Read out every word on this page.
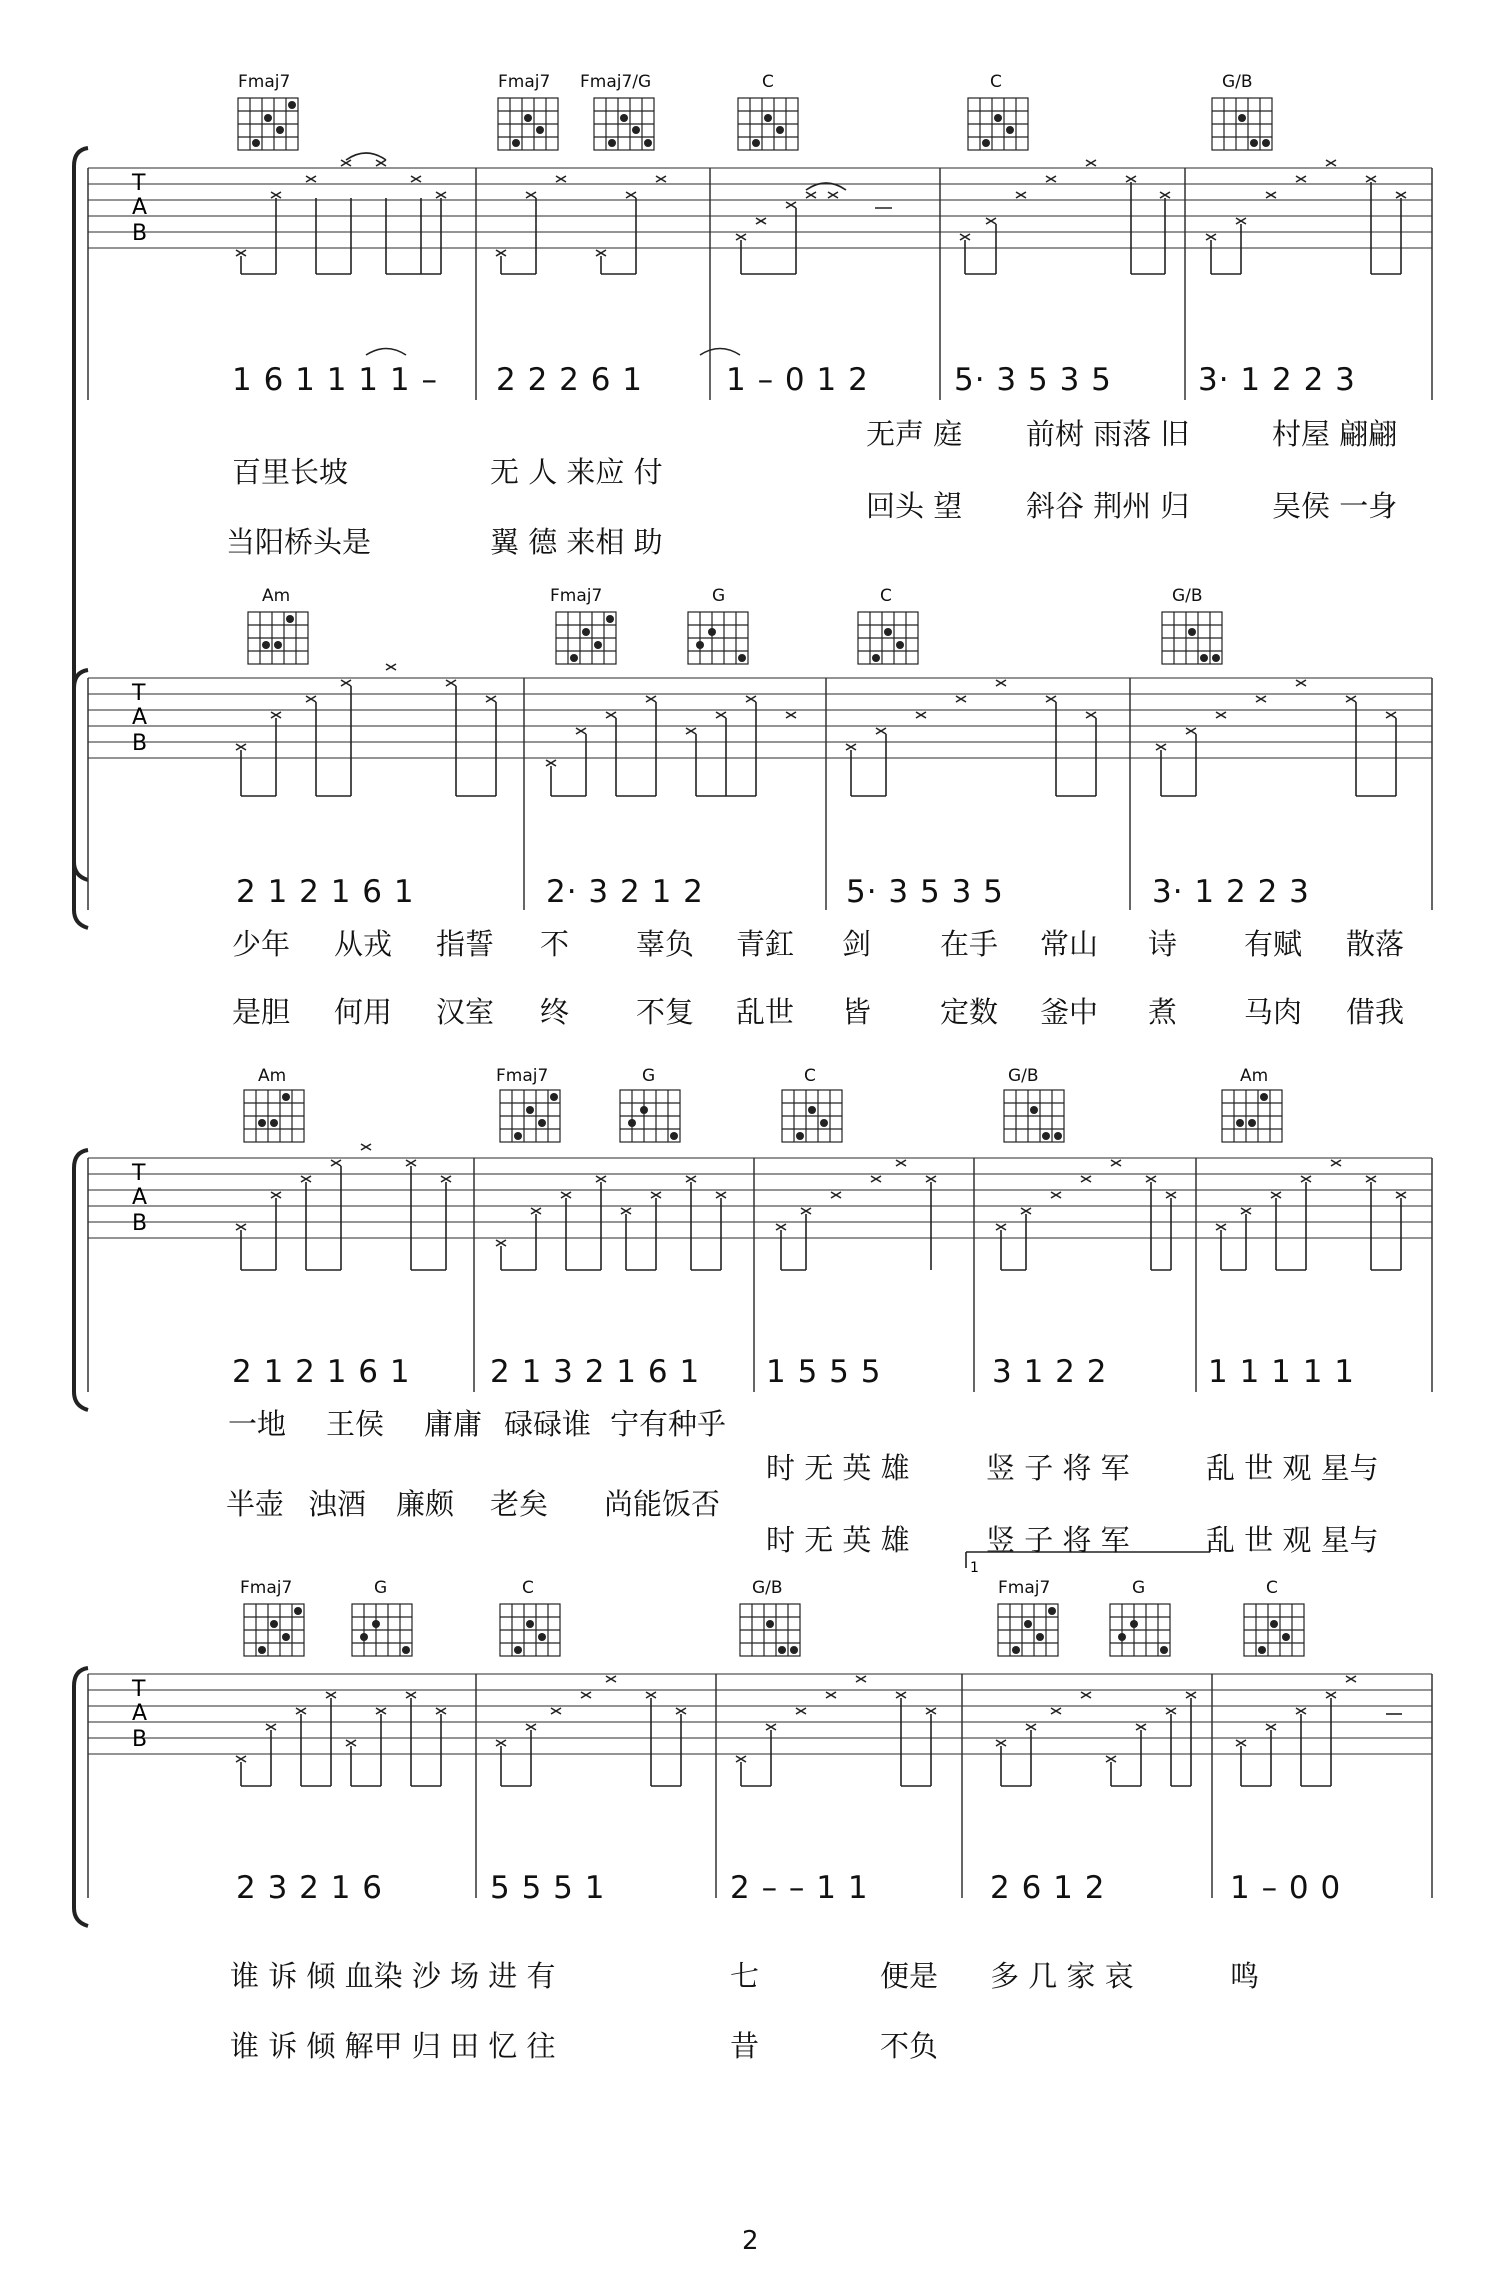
T
A
B
Fmaj7	Fmaj7 Fmaj7/G	C	C	G/B
1 6 1 1 1 1 – 2 2 2 6 1	1 – 0 1 2	5· 3 5 3 5	3· 1 2 2 3
百里长坡	无 人 来应 付
无声 庭 前树 雨落 旧	村屋 翩翩
当阳桥头是	翼 德 来相 助
回头 望 斜谷 荆州 归	吴侯 一身
T
A
B
Am	Fmaj7	G	C	G/B
2 1 2 1 6 1	2· 3 2 1 2	5· 3 5 3 5	3· 1 2 2 3
少年 从戎 指誓 不 辜负 青釭 剑 在手 常山 诗 有赋 散落
是胆 何用 汉室 终 不复 乱世 皆 定数 釜中 煮 马肉 借我
T
A
B
1
Am	Fmaj7	G	C	G/B	Am
2 1 2 1 6 1	2 1 3 2 1 6 1 1 5 5 5	3 1 2 2	1 1 1 1 1
一地 王侯 庸庸 碌碌谁 宁有种乎
时 无 英 雄	竖 子 将 军	乱 世 观 星与
半壶 浊酒 廉颇 老矣 尚能饭否
时 无 英 雄	竖 子 将 军	乱 世 观 星与
T
A
B
Fmaj7	G	C	G/B	Fmaj7	G	C
2 3 2 1 6	5 5 5 1	2 – – 1 1	2 6 1 2	1 – 0 0
谁 诉 倾 血染 沙 场 进 有	七	便是 多 几 家 哀	鸣
谁 诉 倾 解甲 归 田 忆 往	昔	不负
2
